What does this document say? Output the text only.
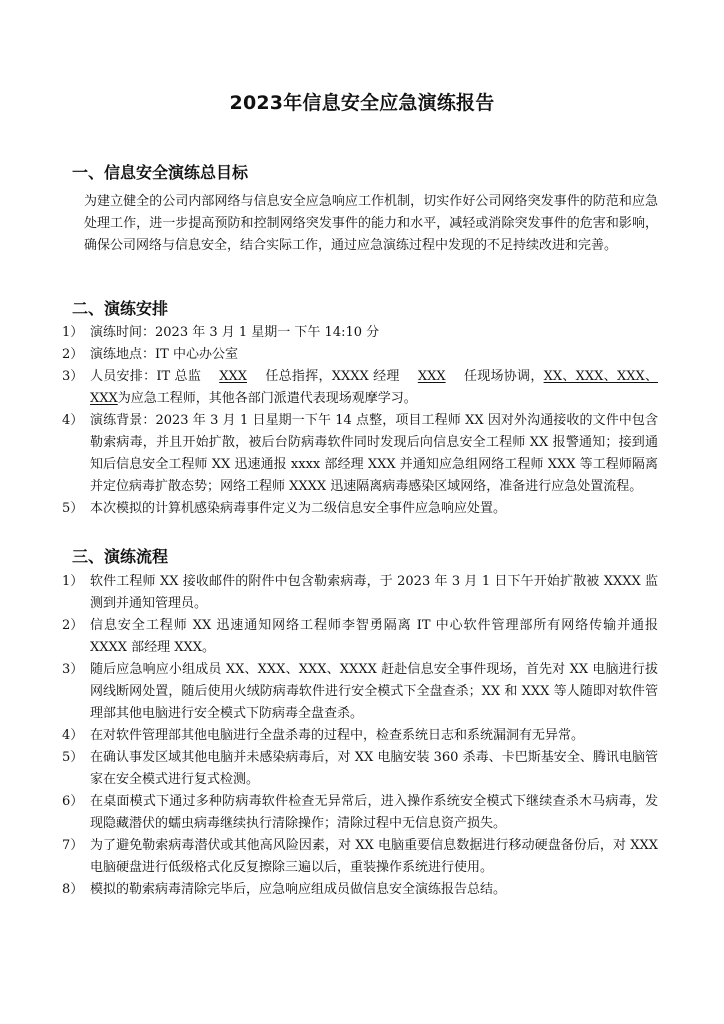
2023年信息安全应急演练报告
一、信息安全演练总目标

为建立健全的公司内部网络与信息安全应急响应工作机制，切实作好公司网络突发事件的防范和应急处理工作，进一步提高预防和控制网络突发事件的能力和水平，减轻或消除突发事件的危害和影响，确保公司网络与信息安全，结合实际工作，通过应急演练过程中发现的不足持续改进和完善。

二、演练安排
1） 演练时间：2023 年 3 月 1 星期一 下午 14:10 分
2） 演练地点：IT 中心办公室
3） 人员安排：IT 总监 XXX 任总指挥，XXXX 经理 XXX 任现场协调，XX、XXX、XXX、XXX为应急工程师，其他各部门派遣代表现场观摩学习。
4） 演练背景：2023 年 3 月 1 日星期一下午 14 点整，项目工程师 XX 因对外沟通接收的文件中包含勒索病毒，并且开始扩散，被后台防病毒软件同时发现后向信息安全工程师 XX 报警通知；接到通知后信息安全工程师 XX 迅速通报 xxxx 部经理 XXX 并通知应急组网络工程师 XXX 等工程师隔离并定位病毒扩散态势；网络工程师 XXXX 迅速隔离病毒感染区域网络，准备进行应急处置流程。
5） 本次模拟的计算机感染病毒事件定义为二级信息安全事件应急响应处置。
三、演练流程
1） 软件工程师 XX 接收邮件的附件中包含勒索病毒，于 2023 年 3 月 1 日下午开始扩散被 XXXX 监测到并通知管理员。
2） 信息安全工程师 XX 迅速通知网络工程师李智勇隔离 IT 中心软件管理部所有网络传输并通报 XXXX 部经理 XXX。
3） 随后应急响应小组成员 XX、XXX、XXX、XXXX 赶赴信息安全事件现场，首先对 XX 电脑进行拔网线断网处置，随后使用火绒防病毒软件进行安全模式下全盘查杀；XX 和 XXX 等人随即对软件管理部其他电脑进行安全模式下防病毒全盘查杀。
4） 在对软件管理部其他电脑进行全盘杀毒的过程中，检查系统日志和系统漏洞有无异常。
5） 在确认事发区域其他电脑并未感染病毒后，对 XX 电脑安装 360 杀毒、卡巴斯基安全、腾讯电脑管家在安全模式进行复式检测。
6） 在桌面模式下通过多种防病毒软件检查无异常后，进入操作系统安全模式下继续查杀木马病毒，发现隐藏潜伏的蠕虫病毒继续执行清除操作；清除过程中无信息资产损失。
7） 为了避免勒索病毒潜伏或其他高风险因素，对 XX 电脑重要信息数据进行移动硬盘备份后，对 XXX 电脑硬盘进行低级格式化反复擦除三遍以后，重装操作系统进行使用。
8） 模拟的勒索病毒清除完毕后，应急响应组成员做信息安全演练报告总结。
